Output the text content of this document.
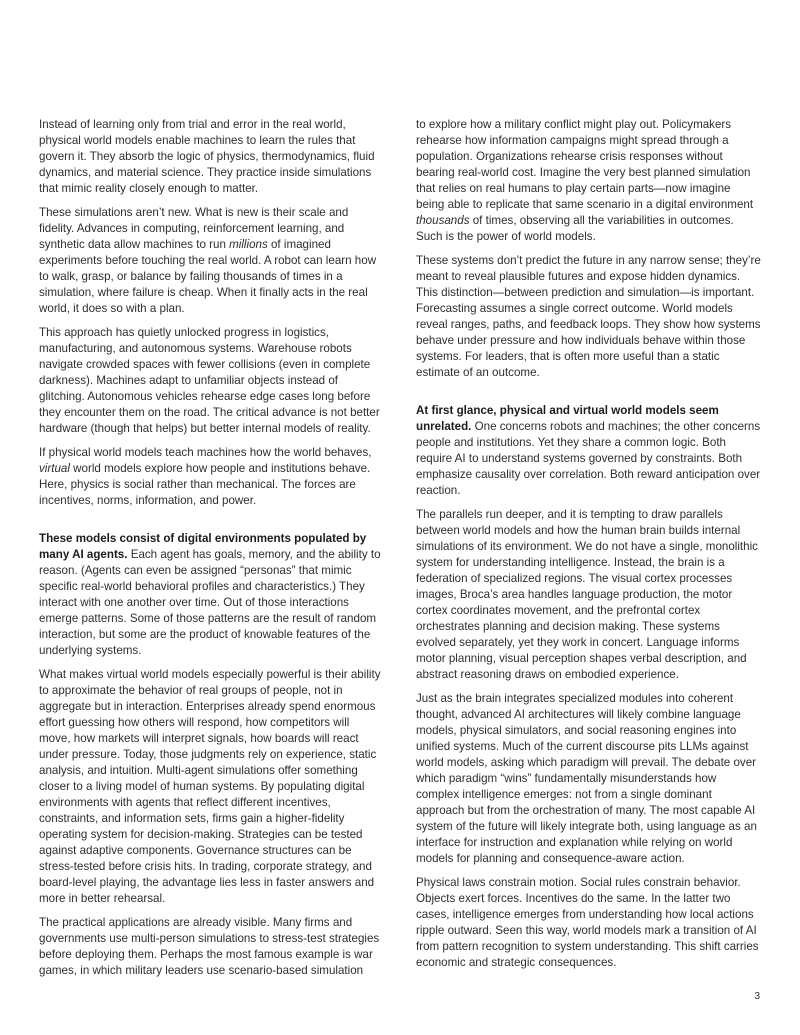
Instead of learning only from trial and error in the real world, physical world models enable machines to learn the rules that govern it. They absorb the logic of physics, thermodynamics, fluid dynamics, and material science. They practice inside simulations that mimic reality closely enough to matter.

These simulations aren’t new. What is new is their scale and fidelity. Advances in computing, reinforcement learning, and synthetic data allow machines to run millions of imagined experiments before touching the real world. A robot can learn how to walk, grasp, or balance by failing thousands of times in a simulation, where failure is cheap. When it finally acts in the real world, it does so with a plan.

This approach has quietly unlocked progress in logistics, manufacturing, and autonomous systems. Warehouse robots navigate crowded spaces with fewer collisions (even in complete darkness). Machines adapt to unfamiliar objects instead of glitching. Autonomous vehicles rehearse edge cases long before they encounter them on the road. The critical advance is not better hardware (though that helps) but better internal models of reality.

If physical world models teach machines how the world behaves, virtual world models explore how people and institutions behave. Here, physics is social rather than mechanical. The forces are incentives, norms, information, and power.

These models consist of digital environments populated by many AI agents. Each agent has goals, memory, and the ability to reason. (Agents can even be assigned “personas” that mimic specific real-world behavioral profiles and characteristics.) They interact with one another over time. Out of those interactions emerge patterns. Some of those patterns are the result of random interaction, but some are the product of knowable features of the underlying systems.

What makes virtual world models especially powerful is their ability to approximate the behavior of real groups of people, not in aggregate but in interaction. Enterprises already spend enormous effort guessing how others will respond, how competitors will move, how markets will interpret signals, how boards will react under pressure. Today, those judgments rely on experience, static analysis, and intuition. Multi-agent simulations offer something closer to a living model of human systems. By populating digital environments with agents that reflect different incentives, constraints, and information sets, firms gain a higher-fidelity operating system for decision-making. Strategies can be tested against adaptive components. Governance structures can be stress-tested before crisis hits. In trading, corporate strategy, and board-level playing, the advantage lies less in faster answers and more in better rehearsal.

The practical applications are already visible. Many firms and governments use multi-person simulations to stress-test strategies before deploying them. Perhaps the most famous example is war games, in which military leaders use scenario-based simulation

to explore how a military conflict might play out. Policymakers rehearse how information campaigns might spread through a population. Organizations rehearse crisis responses without bearing real-world cost. Imagine the very best planned simulation that relies on real humans to play certain parts—now imagine being able to replicate that same scenario in a digital environment thousands of times, observing all the variabilities in outcomes. Such is the power of world models.

These systems don’t predict the future in any narrow sense; they’re meant to reveal plausible futures and expose hidden dynamics. This distinction—between prediction and simulation—is important. Forecasting assumes a single correct outcome. World models reveal ranges, paths, and feedback loops. They show how systems behave under pressure and how individuals behave within those systems. For leaders, that is often more useful than a static estimate of an outcome.

At first glance, physical and virtual world models seem unrelated. One concerns robots and machines; the other concerns people and institutions. Yet they share a common logic. Both require AI to understand systems governed by constraints. Both emphasize causality over correlation. Both reward anticipation over reaction.

The parallels run deeper, and it is tempting to draw parallels between world models and how the human brain builds internal simulations of its environment. We do not have a single, monolithic system for understanding intelligence. Instead, the brain is a federation of specialized regions. The visual cortex processes images, Broca’s area handles language production, the motor cortex coordinates movement, and the prefrontal cortex orchestrates planning and decision making. These systems evolved separately, yet they work in concert. Language informs motor planning, visual perception shapes verbal description, and abstract reasoning draws on embodied experience.

Just as the brain integrates specialized modules into coherent thought, advanced AI architectures will likely combine language models, physical simulators, and social reasoning engines into unified systems. Much of the current discourse pits LLMs against world models, asking which paradigm will prevail. The debate over which paradigm “wins” fundamentally misunderstands how complex intelligence emerges: not from a single dominant approach but from the orchestration of many. The most capable AI system of the future will likely integrate both, using language as an interface for instruction and explanation while relying on world models for planning and consequence-aware action.

Physical laws constrain motion. Social rules constrain behavior. Objects exert forces. Incentives do the same. In the latter two cases, intelligence emerges from understanding how local actions ripple outward. Seen this way, world models mark a transition of AI from pattern recognition to system understanding. This shift carries economic and strategic consequences.

3
